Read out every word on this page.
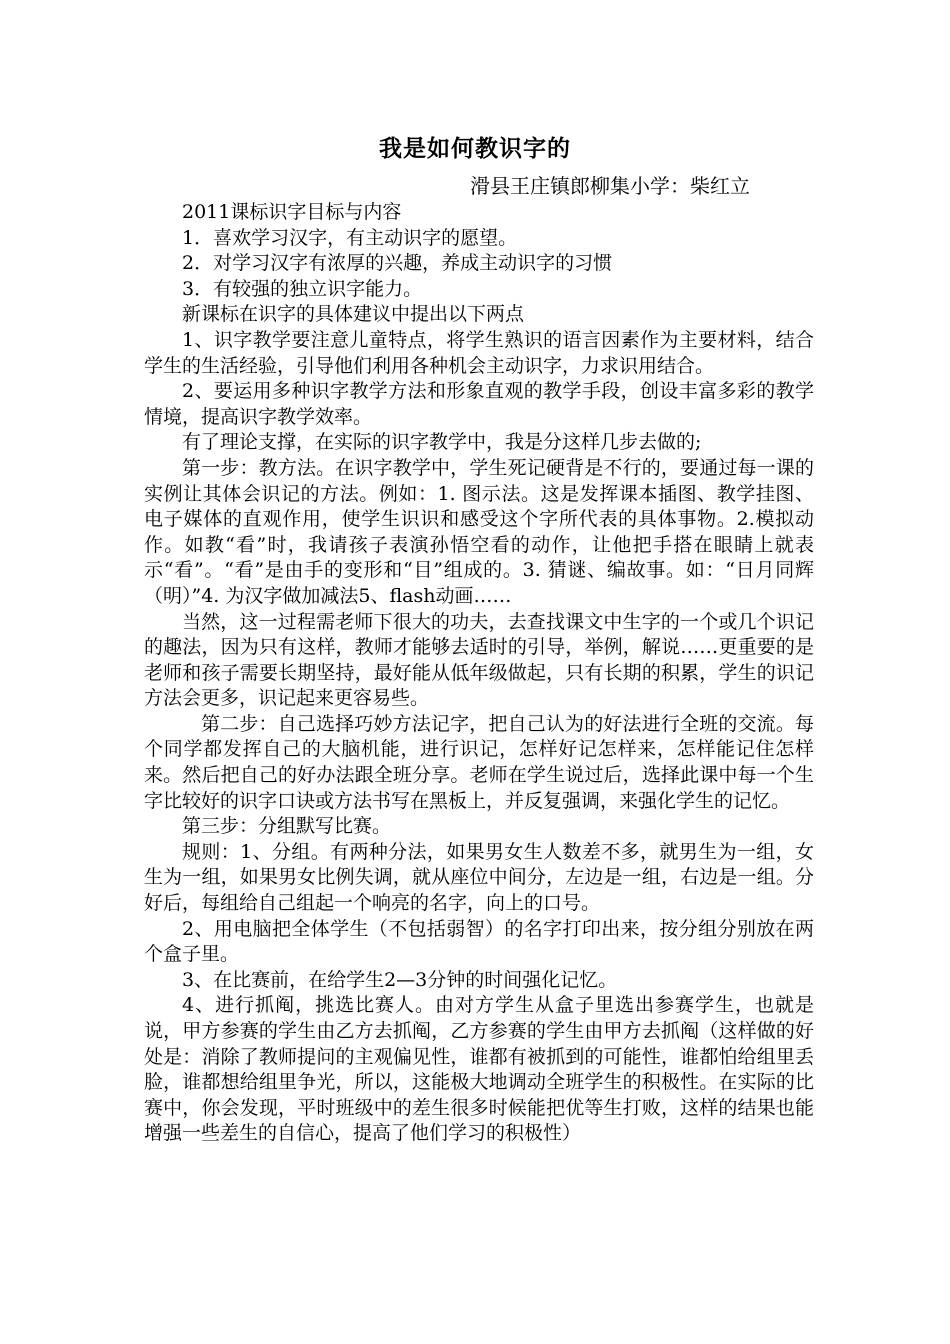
我是如何教识字的
滑县王庄镇郎柳集小学：柴红立

2011课标识字目标与内容

1．喜欢学习汉字，有主动识字的愿望。

2．对学习汉字有浓厚的兴趣，养成主动识字的习惯

3．有较强的独立识字能力。

新课标在识字的具体建议中提出以下两点

1、识字教学要注意儿童特点，将学生熟识的语言因素作为主要材料，结合学生的生活经验，引导他们利用各种机会主动识字，力求识用结合。

2、要运用多种识字教学方法和形象直观的教学手段，创设丰富多彩的教学情境，提高识字教学效率。

有了理论支撑，在实际的识字教学中，我是分这样几步去做的;

第一步：教方法。在识字教学中，学生死记硬背是不行的，要通过每一课的实例让其体会识记的方法。例如：1. 图示法。这是发挥课本插图、教学挂图、电子媒体的直观作用，使学生识识和感受这个字所代表的具体事物。2.模拟动作。如教“看”时，我请孩子表演孙悟空看的动作，让他把手搭在眼睛上就表示“看”。“看”是由手的变形和“目”组成的。3. 猜谜、编故事。如：“日月同辉（明）”4. 为汉字做加减法5、flash动画……

当然，这一过程需老师下很大的功夫，去查找课文中生字的一个或几个识记的趣法，因为只有这样，教师才能够去适时的引导，举例，解说……更重要的是老师和孩子需要长期坚持，最好能从低年级做起，只有长期的积累，学生的识记方法会更多，识记起来更容易些。

第二步：自己选择巧妙方法记字，把自己认为的好法进行全班的交流。每个同学都发挥自己的大脑机能，进行识记，怎样好记怎样来，怎样能记住怎样来。然后把自己的好办法跟全班分享。老师在学生说过后，选择此课中每一个生字比较好的识字口诀或方法书写在黑板上，并反复强调，来强化学生的记忆。

第三步：分组默写比赛。

规则：1、分组。有两种分法，如果男女生人数差不多，就男生为一组，女生为一组，如果男女比例失调，就从座位中间分，左边是一组，右边是一组。分好后，每组给自己组起一个响亮的名字，向上的口号。

2、用电脑把全体学生（不包括弱智）的名字打印出来，按分组分别放在两个盒子里。

3、在比赛前，在给学生2—3分钟的时间强化记忆。

4、进行抓阄，挑选比赛人。由对方学生从盒子里选出参赛学生，也就是说，甲方参赛的学生由乙方去抓阄，乙方参赛的学生由甲方去抓阄（这样做的好处是：消除了教师提问的主观偏见性，谁都有被抓到的可能性，谁都怕给组里丢脸，谁都想给组里争光，所以，这能极大地调动全班学生的积极性。在实际的比赛中，你会发现，平时班级中的差生很多时候能把优等生打败，这样的结果也能增强一些差生的自信心，提高了他们学习的积极性）
